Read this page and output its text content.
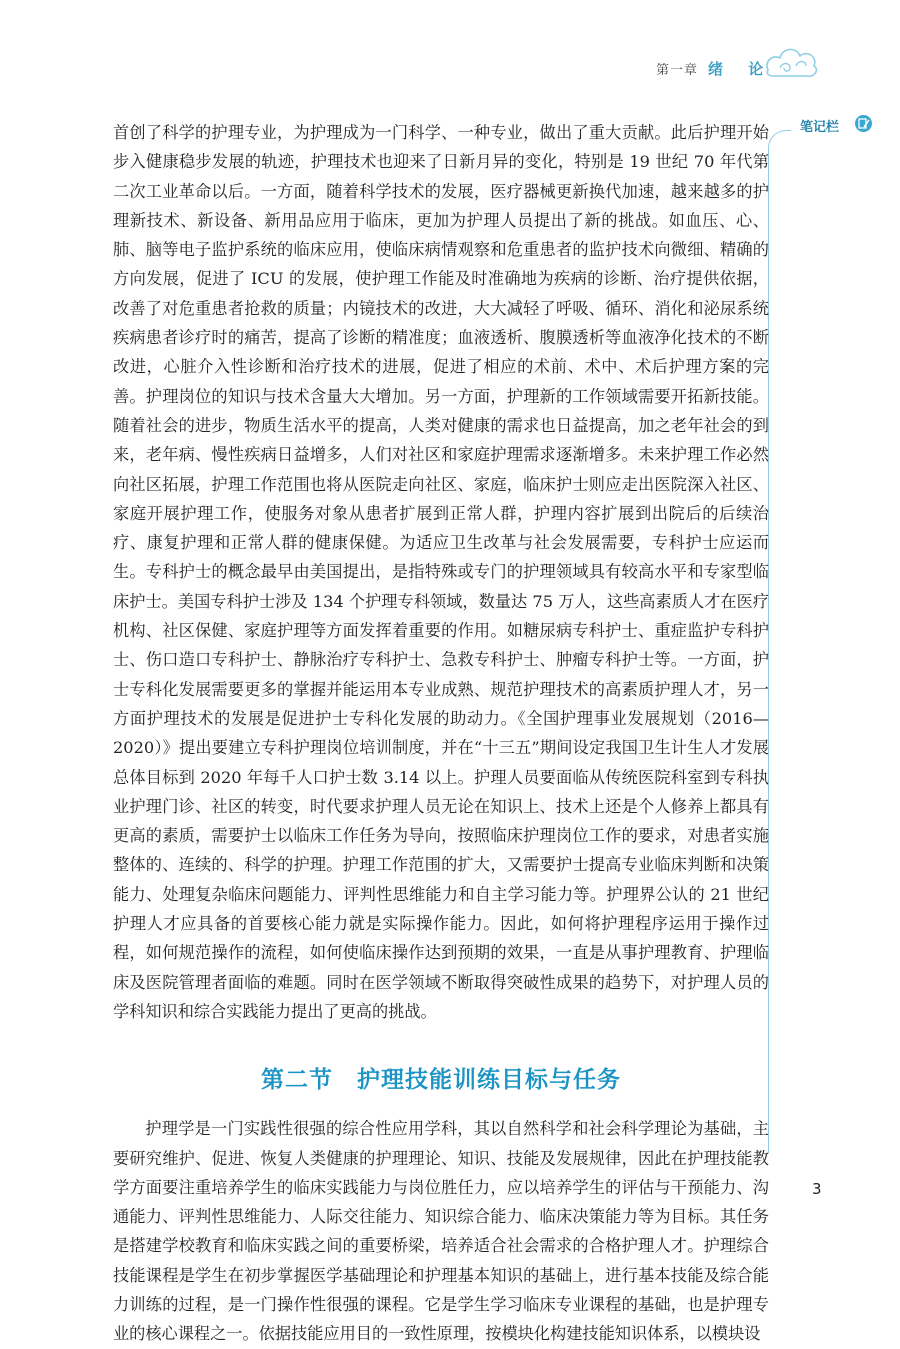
第一章 绪 论
笔记栏

首创了科学的护理专业，为护理成为一门科学、一种专业，做出了重大贡献。此后护理开始步入健康稳步发展的轨迹，护理技术也迎来了日新月异的变化，特别是 19 世纪 70 年代第二次工业革命以后。一方面，随着科学技术的发展，医疗器械更新换代加速，越来越多的护理新技术、新设备、新用品应用于临床，更加为护理人员提出了新的挑战。如血压、心、肺、脑等电子监护系统的临床应用，使临床病情观察和危重患者的监护技术向微细、精确的方向发展，促进了 ICU 的发展，使护理工作能及时准确地为疾病的诊断、治疗提供依据，改善了对危重患者抢救的质量；内镜技术的改进，大大减轻了呼吸、循环、消化和泌尿系统疾病患者诊疗时的痛苦，提高了诊断的精准度；血液透析、腹膜透析等血液净化技术的不断改进，心脏介入性诊断和治疗技术的进展，促进了相应的术前、术中、术后护理方案的完善。护理岗位的知识与技术含量大大增加。另一方面，护理新的工作领域需要开拓新技能。随着社会的进步，物质生活水平的提高，人类对健康的需求也日益提高，加之老年社会的到来，老年病、慢性疾病日益增多，人们对社区和家庭护理需求逐渐增多。未来护理工作必然向社区拓展，护理工作范围也将从医院走向社区、家庭，临床护士则应走出医院深入社区、家庭开展护理工作，使服务对象从患者扩展到正常人群，护理内容扩展到出院后的后续治疗、康复护理和正常人群的健康保健。为适应卫生改革与社会发展需要，专科护士应运而生。专科护士的概念最早由美国提出，是指特殊或专门的护理领域具有较高水平和专家型临床护士。美国专科护士涉及 134 个护理专科领域，数量达 75 万人，这些高素质人才在医疗机构、社区保健、家庭护理等方面发挥着重要的作用。如糖尿病专科护士、重症监护专科护士、伤口造口专科护士、静脉治疗专科护士、急救专科护士、肿瘤专科护士等。一方面，护士专科化发展需要更多的掌握并能运用本专业成熟、规范护理技术的高素质护理人才，另一方面护理技术的发展是促进护士专科化发展的助动力。《全国护理事业发展规划（2016—2020）》提出要建立专科护理岗位培训制度，并在“十三五”期间设定我国卫生计生人才发展总体目标到 2020 年每千人口护士数 3.14 以上。护理人员要面临从传统医院科室到专科执业护理门诊、社区的转变，时代要求护理人员无论在知识上、技术上还是个人修养上都具有更高的素质，需要护士以临床工作任务为导向，按照临床护理岗位工作的要求，对患者实施整体的、连续的、科学的护理。护理工作范围的扩大，又需要护士提高专业临床判断和决策能力、处理复杂临床问题能力、评判性思维能力和自主学习能力等。护理界公认的 21 世纪护理人才应具备的首要核心能力就是实际操作能力。因此，如何将护理程序运用于操作过程，如何规范操作的流程，如何使临床操作达到预期的效果，一直是从事护理教育、护理临床及医院管理者面临的难题。同时在医学领域不断取得突破性成果的趋势下，对护理人员的学科知识和综合实践能力提出了更高的挑战。

第二节　护理技能训练目标与任务

护理学是一门实践性很强的综合性应用学科，其以自然科学和社会科学理论为基础，主要研究维护、促进、恢复人类健康的护理理论、知识、技能及发展规律，因此在护理技能教学方面要注重培养学生的临床实践能力与岗位胜任力，应以培养学生的评估与干预能力、沟通能力、评判性思维能力、人际交往能力、知识综合能力、临床决策能力等为目标。其任务是搭建学校教育和临床实践之间的重要桥梁，培养适合社会需求的合格护理人才。护理综合技能课程是学生在初步掌握医学基础理论和护理基本知识的基础上，进行基本技能及综合能力训练的过程，是一门操作性很强的课程。它是学生学习临床专业课程的基础，也是护理专业的核心课程之一。依据技能应用目的一致性原理，按模块化构建技能知识体系，以模块设

3
